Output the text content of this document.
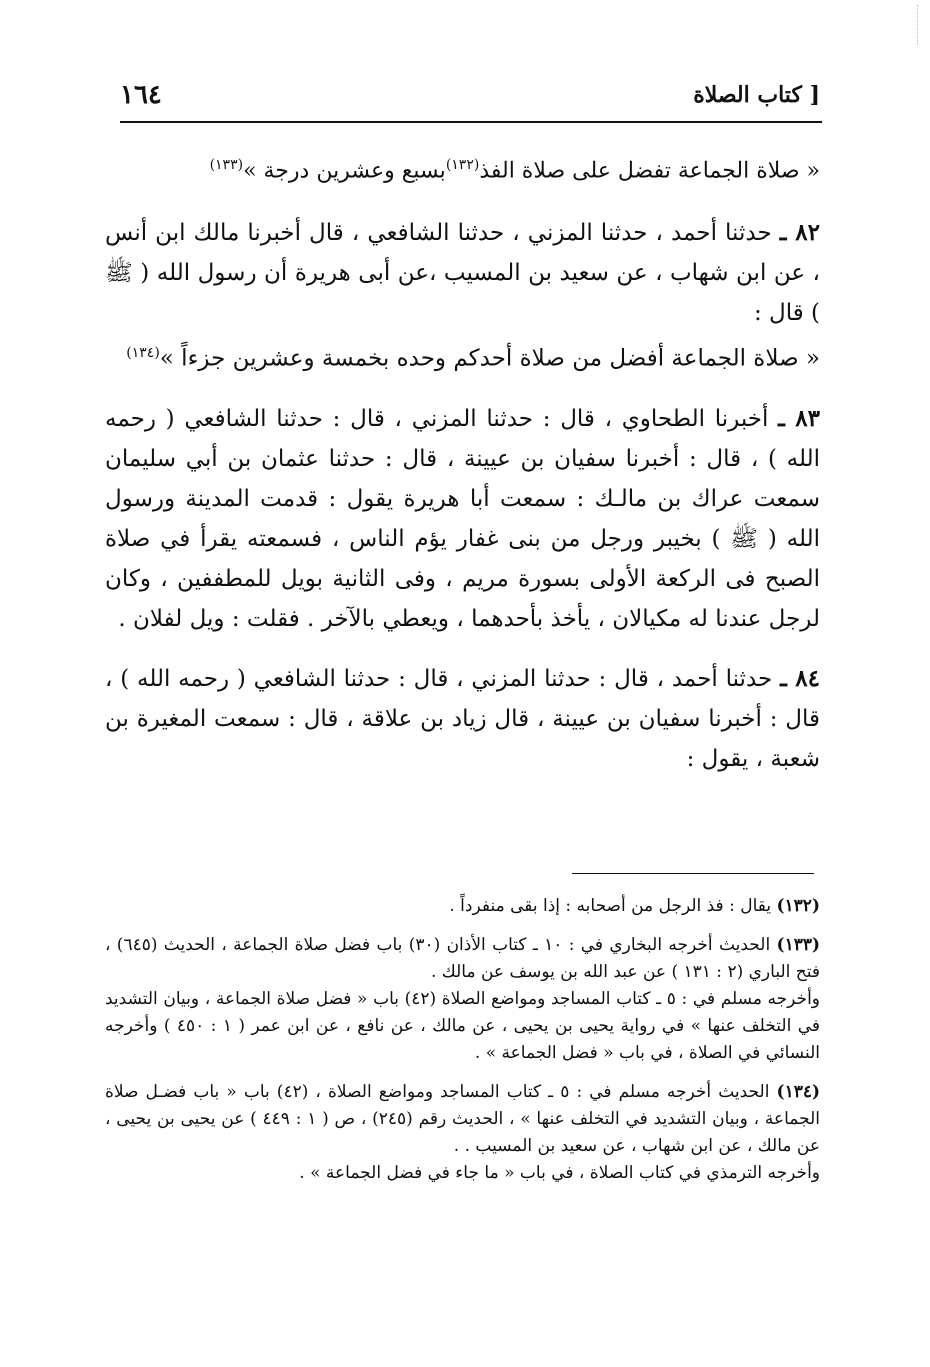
[ كتاب الصلاة
١٦٤

« صلاة الجماعة تفضل على صلاة الفذ$^{(١٣٢)}$بسبع وعشرين درجة »$^{(١٣٣)}$

٨٢ ـ حدثنا أحمد ، حدثنا المزني ، حدثنا الشافعي ، قال أخبرنا مالك ابن أنس ، عن ابن شهاب ، عن سعيد بن المسيب ،عن أبى هريرة أن رسول الله ( ﷺ ) قال :

« صلاة الجماعة أفضل من صلاة أحدكم وحده بخمسة وعشرين جزءاً »$^{(١٣٤)}$

٨٣ ـ أخبرنا الطحاوي ، قال : حدثنا المزني ، قال : حدثنا الشافعي ( رحمه الله ) ، قال : أخبرنا سفيان بن عيينة ، قال : حدثنا عثمان بن أبي سليمان سمعت عراك بن مالـك : سمعت أبا هريرة يقول : قدمت المدينة ورسول الله ( ﷺ ) بخيبر ورجل من بنى غفار يؤم الناس ، فسمعته يقرأ في صلاة الصبح فى الركعة الأولى بسورة مريم ، وفى الثانية بويل للمطففين ، وكان لرجل عندنا له مكيالان ، يأخذ بأحدهما ، ويعطي بالآخر . فقلت : ويل لفلان .

٨٤ ـ حدثنا أحمد ، قال : حدثنا المزني ، قال : حدثنا الشافعي ( رحمه الله ) ، قال : أخبرنا سفيان بن عيينة ، قال زياد بن علاقة ، قال : سمعت المغيرة بن شعبة ، يقول :

(١٣٢) يقال : فذ الرجل من أصحابه : إذا بقى منفرداً .

(١٣٣) الحديث أخرجه البخاري في : ١٠ ـ كتاب الأذان (٣٠) باب فضل صلاة الجماعة ، الحديث (٦٤٥) ، فتح الباري (٢ : ١٣١ ) عن عبد الله بن يوسف عن مالك .
وأخرجه مسلم في : ٥ ـ كتاب المساجد ومواضع الصلاة (٤٢) باب « فضل صلاة الجماعة ، وبيان التشديد في التخلف عنها » في رواية يحيى بن يحيى ، عن مالك ، عن نافع ، عن ابن عمر ( ١ : ٤٥٠ ) وأخرجه النسائي في الصلاة ، في باب « فضل الجماعة » .

(١٣٤) الحديث أخرجه مسلم في : ٥ ـ كتاب المساجد ومواضع الصلاة ، (٤٢) باب « باب فضـل صلاة الجماعة ، وبيان التشديد في التخلف عنها » ، الحديث رقم (٢٤٥) ، ص ( ١ : ٤٤٩ ) عن يحيى بن يحيى ، عن مالك ، عن ابن شهاب ، عن سعيد بن المسيب . .
وأخرجه الترمذي في كتاب الصلاة ، في باب « ما جاء في فضل الجماعة » .
